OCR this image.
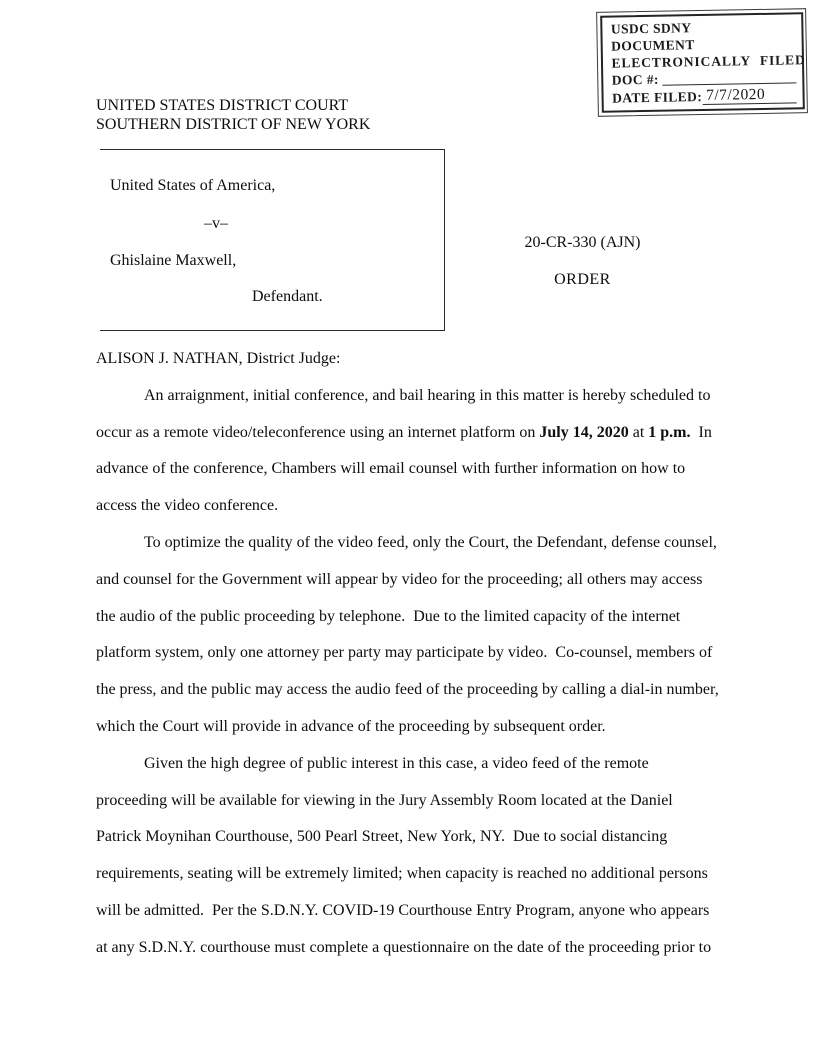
USDC SDNY
DOCUMENT
ELECTRONICALLY FILED
DOC #:
DATE FILED: 7/7/2020
UNITED STATES DISTRICT COURT
SOUTHERN DISTRICT OF NEW YORK
United States of America,
–v–
Ghislaine Maxwell,
Defendant.
20-CR-330 (AJN)
ORDER
ALISON J. NATHAN, District Judge:

An arraignment, initial conference, and bail hearing in this matter is hereby scheduled to occur as a remote video/teleconference using an internet platform on July 14, 2020 at 1 p.m.  In advance of the conference, Chambers will email counsel with further information on how to access the video conference.

To optimize the quality of the video feed, only the Court, the Defendant, defense counsel, and counsel for the Government will appear by video for the proceeding; all others may access the audio of the public proceeding by telephone.  Due to the limited capacity of the internet platform system, only one attorney per party may participate by video.  Co-counsel, members of the press, and the public may access the audio feed of the proceeding by calling a dial-in number, which the Court will provide in advance of the proceeding by subsequent order.

Given the high degree of public interest in this case, a video feed of the remote proceeding will be available for viewing in the Jury Assembly Room located at the Daniel Patrick Moynihan Courthouse, 500 Pearl Street, New York, NY.  Due to social distancing requirements, seating will be extremely limited; when capacity is reached no additional persons will be admitted.  Per the S.D.N.Y. COVID-19 Courthouse Entry Program, anyone who appears at any S.D.N.Y. courthouse must complete a questionnaire on the date of the proceeding prior to
